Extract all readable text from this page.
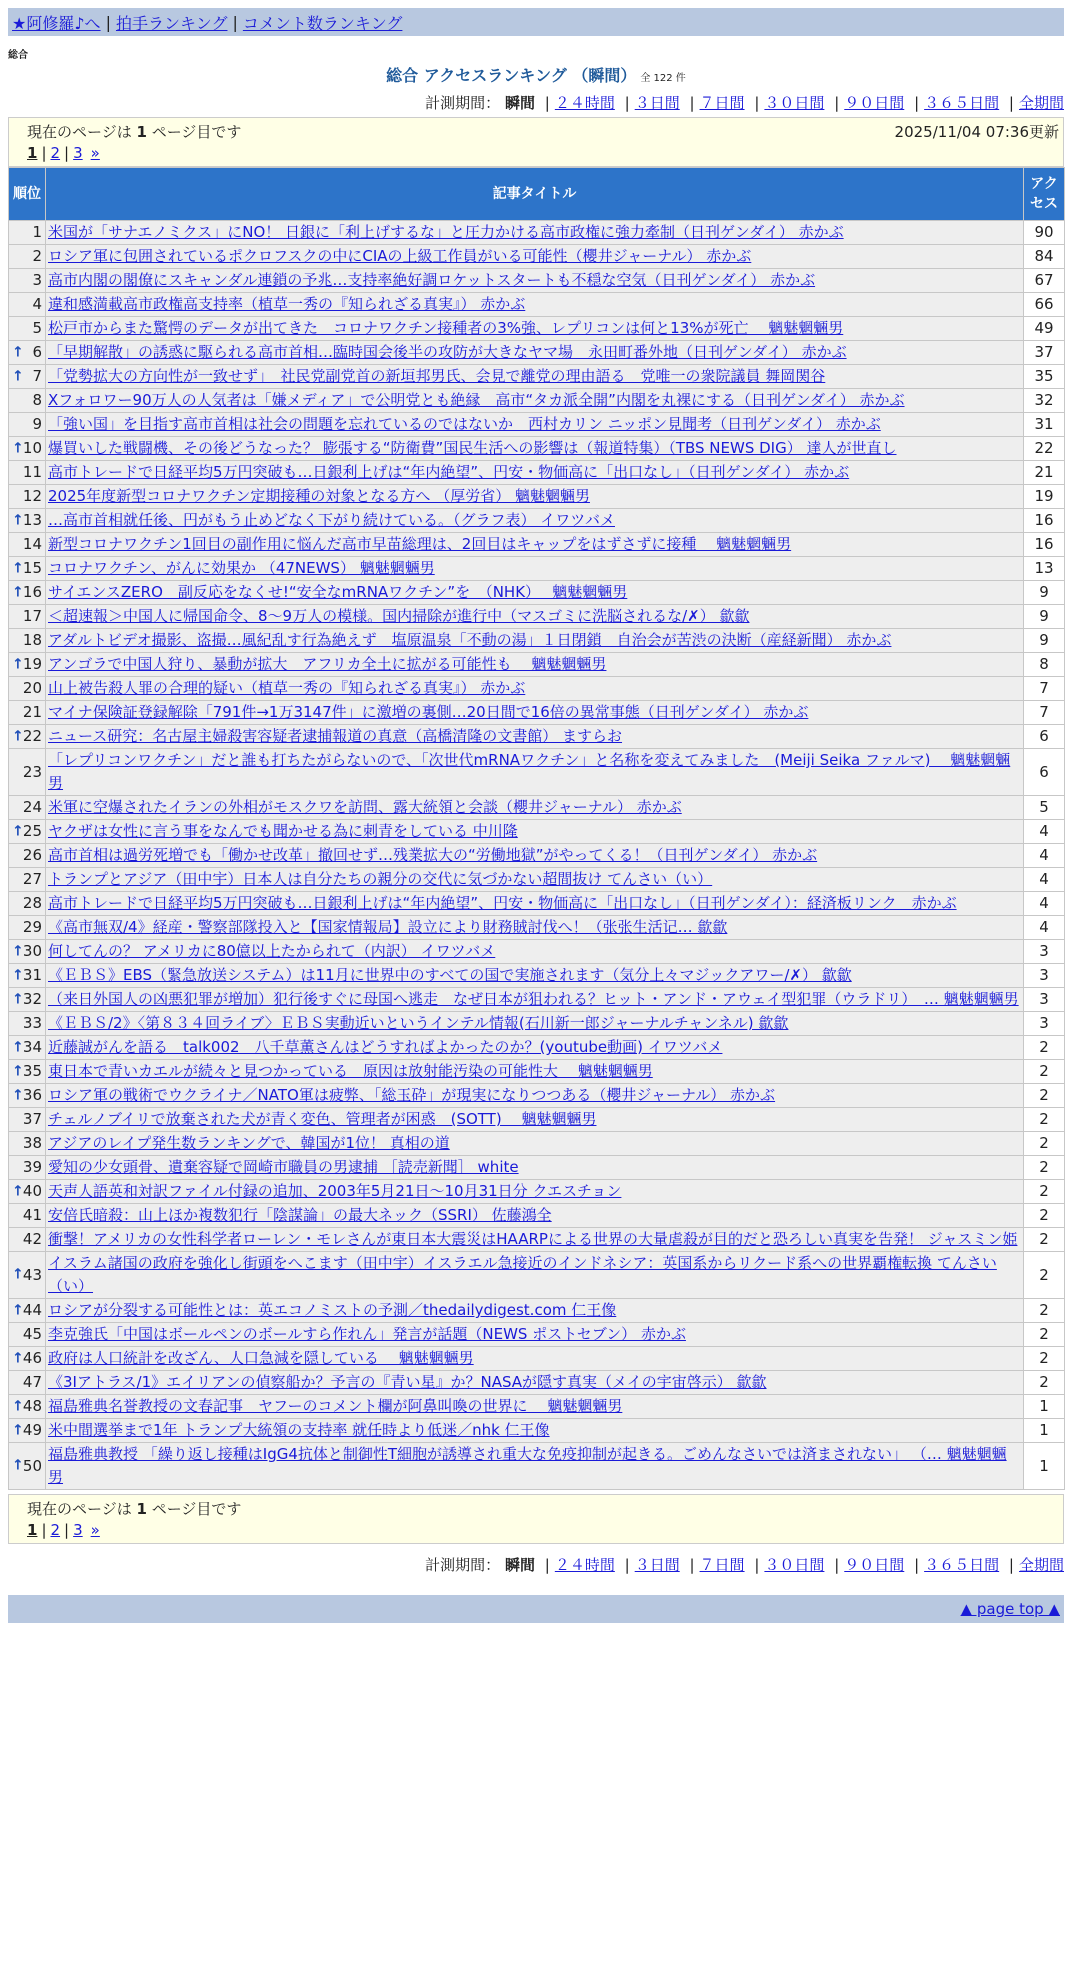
★阿修羅♪へ | 拍手ランキング | コメント数ランキング
総合
総合 アクセスランキング （瞬間） 全 122 件
計測期間： 瞬間 | ２４時間 | ３日間 | ７日間 | ３０日間 | ９０日間 | ３６５日間 | 全期間
現在のページは 1 ページ目です	2025/11/04 07:36更新
1 | 2 | 3 »
順位	記事タイトル	アクセス
1	米国が「サナエノミクス」にNO！ 日銀に「利上げするな」と圧力かける高市政権に強力牽制（日刊ゲンダイ） 赤かぶ	90
2	ロシア軍に包囲されているポクロフスクの中にCIAの上級工作員がいる可能性（櫻井ジャーナル） 赤かぶ	84
3	高市内閣の閣僚にスキャンダル連鎖の予兆…支持率絶好調ロケットスタートも不穏な空気（日刊ゲンダイ） 赤かぶ	67
4	違和感満載高市政権高支持率（植草一秀の『知られざる真実』） 赤かぶ	66
5	松戸市からまた驚愕のデータが出てきた　コロナワクチン接種者の3%強、レプリコンは何と13%が死亡　 魑魅魍魎男	49

↑ 6	「早期解散」の誘惑に駆られる高市首相…臨時国会後半の攻防が大きなヤマ場　永田町番外地（日刊ゲンダイ） 赤かぶ	37

↑ 7	「党勢拡大の方向性が一致せず」　社民党副党首の新垣邦男氏、会見で離党の理由語る　党唯一の衆院議員 舞岡関谷	35
8	Xフォロワー90万人の人気者は「嫌メディア」で公明党とも絶縁　高市“タカ派全開”内閣を丸裸にする（日刊ゲンダイ） 赤かぶ	32
9	「強い国」を目指す高市首相は社会の問題を忘れているのではないか　西村カリン ニッポン見聞考（日刊ゲンダイ） 赤かぶ	31

↑ 10	爆買いした戦闘機、その後どうなった？ 膨張する“防衛費”国民生活への影響は（報道特集）（TBS NEWS DIG） 達人が世直し	22
11	高市トレードで日経平均5万円突破も…日銀利上げは“年内絶望”、円安・物価高に「出口なし」（日刊ゲンダイ） 赤かぶ	21
12	2025年度新型コロナワクチン定期接種の対象となる方へ （厚労省） 魑魅魍魎男	19

↑ 13	…高市首相就任後、円がもう止めどなく下がり続けている。（グラフ表） イワツバメ	16
14	新型コロナワクチン1回目の副作用に悩んだ高市早苗総理は、2回目はキャップをはずさずに接種　 魑魅魍魎男	16

↑ 15	コロナワクチン、がんに効果か （47NEWS） 魑魅魍魎男	13

↑ 16	サイエンスZERO　副反応をなくせ!“安全なmRNAワクチン”を　（NHK）　 魑魅魍魎男	9
17	＜超速報＞中国人に帰国命令、8〜9万人の模様。国内掃除が進行中（マスゴミに洗脳されるな/✗） 歙歙	9
18	アダルトビデオ撮影、盗撮…風紀乱す行為絶えず　塩原温泉「不動の湯」１日閉鎖　自治会が苦渋の決断（産経新聞） 赤かぶ	9

↑ 19	アンゴラで中国人狩り、暴動が拡大　アフリカ全土に拡がる可能性も　 魑魅魍魎男	8
20	山上被告殺人罪の合理的疑い（植草一秀の『知られざる真実』） 赤かぶ	7
21	マイナ保険証登録解除「791件→1万3147件」に激増の裏側…20日間で16倍の異常事態（日刊ゲンダイ） 赤かぶ	7

↑ 22	ニュース研究：名古屋主婦殺害容疑者逮捕報道の真意（高橋清隆の文書館） ますらお	6
23	「レプリコンワクチン」だと誰も打ちたがらないので、「次世代mRNAワクチン」と名称を変えてみました　(Meiji Seika ファルマ)　 魑魅魍魎男	6
24	米軍に空爆されたイランの外相がモスクワを訪問、露大統領と会談（櫻井ジャーナル） 赤かぶ	5

↑ 25	ヤクザは女性に言う事をなんでも聞かせる為に刺青をしている 中川隆	4
26	高市首相は過労死増でも「働かせ改革」撤回せず…残業拡大の“労働地獄”がやってくる！（日刊ゲンダイ） 赤かぶ	4
27	トランプとアジア（田中宇）日本人は自分たちの親分の交代に気づかない超間抜け てんさい（い）	4
28	高市トレードで日経平均5万円突破も…日銀利上げは“年内絶望”、円安・物価高に「出口なし」（日刊ゲンダイ）：経済板リンク　赤かぶ	4
29	《高市無双/4》経産・警察部隊投入と【国家情報局】設立により財務賊討伐へ！（张张生活记… 歙歙	4

↑ 30	何してんの？ アメリカに80億以上たかられて（内訳） イワツバメ	3

↑ 31	《ＥＢＳ》EBS（緊急放送システム）は11月に世界中のすべての国で実施されます（気分上々マジックアワー/✗） 歙歙	3

↑ 32	（来日外国人の凶悪犯罪が増加）犯行後すぐに母国へ逃走　なぜ日本が狙われる？ヒット・アンド・アウェイ型犯罪（ウラドリ）　… 魑魅魍魎男	3
33	《ＥＢＳ/2》〈第８３４回ライブ〉ＥＢＳ実動近いというインテル情報(石川新一郎ジャーナルチャンネル) 歙歙	3

↑ 34	近藤誠がんを語る　talk002　八千草薫さんはどうすればよかったのか？(youtube動画) イワツバメ	2

↑ 35	東日本で青いカエルが続々と見つかっている　原因は放射能汚染の可能性大　 魑魅魍魎男	2

↑ 36	ロシア軍の戦術でウクライナ／NATO軍は疲弊、「総玉砕」が現実になりつつある（櫻井ジャーナル） 赤かぶ	2
37	チェルノブイリで放棄された犬が青く変色、管理者が困惑　(SOTT)　 魑魅魍魎男	2
38	アジアのレイプ発生数ランキングで、韓国が1位！ 真相の道	2
39	愛知の少女頭骨、遺棄容疑で岡崎市職員の男逮捕 ［読売新聞］ white	2

↑ 40	天声人語英和対訳ファイル付録の追加、2003年5月21日〜10月31日分 クエスチョン	2
41	安倍氏暗殺：山上ほか複数犯行「陰謀論」の最大ネック（SSRI） 佐藤鴻全	2
42	衝撃！アメリカの女性科学者ローレン・モレさんが東日本大震災はHAARPによる世界の大量虐殺が目的だと恐ろしい真実を告発！ ジャスミン姫	2

↑ 43	イスラム諸国の政府を強化し街頭をへこます（田中宇）イスラエル急接近のインドネシア：英国系からリクード系への世界覇権転換 てんさい（い）	2

↑ 44	ロシアが分裂する可能性とは：英エコノミストの予測／thedailydigest.com 仁王像	2
45	李克強氏「中国はボールペンのボールすら作れん」発言が話題（NEWS ポストセブン） 赤かぶ	2

↑ 46	政府は人口統計を改ざん、人口急減を隠している　 魑魅魍魎男	2
47	《3Iアトラス/1》エイリアンの偵察船か？予言の『青い星』か？NASAが隠す真実（メイの宇宙啓示） 歙歙	2

↑ 48	福島雅典名誉教授の文春記事　ヤフーのコメント欄が阿鼻叫喚の世界に　 魑魅魍魎男	1

↑ 49	米中間選挙まで1年 トランプ大統領の支持率 就任時より低迷／nhk 仁王像	1

↑ 50	福島雅典教授 「繰り返し接種はIgG4抗体と制御性T細胞が誘導され重大な免疫抑制が起きる。ごめんなさいでは済まされない」 （… 魑魅魍魎男	1
現在のページは 1 ページ目です
1 | 2 | 3 »
計測期間： 瞬間 | ２４時間 | ３日間 | ７日間 | ３０日間 | ９０日間 | ３６５日間 | 全期間
▲ page top ▲
